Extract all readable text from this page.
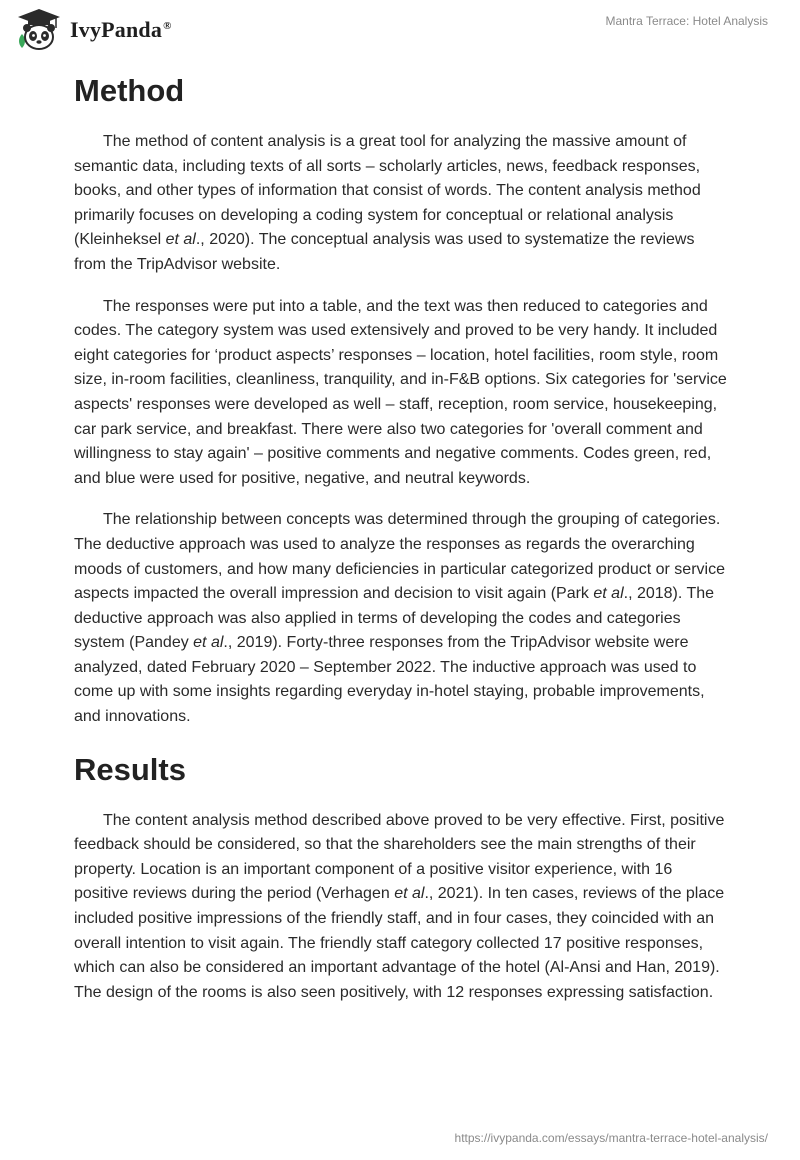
IvyPanda®	Mantra Terrace: Hotel Analysis
Method

The method of content analysis is a great tool for analyzing the massive amount of semantic data, including texts of all sorts – scholarly articles, news, feedback responses, books, and other types of information that consist of words. The content analysis method primarily focuses on developing a coding system for conceptual or relational analysis (Kleinheksel et al., 2020). The conceptual analysis was used to systematize the reviews from the TripAdvisor website.

The responses were put into a table, and the text was then reduced to categories and codes. The category system was used extensively and proved to be very handy. It included eight categories for ‘product aspects’ responses – location, hotel facilities, room style, room size, in-room facilities, cleanliness, tranquility, and in-F&B options. Six categories for 'service aspects' responses were developed as well – staff, reception, room service, housekeeping, car park service, and breakfast. There were also two categories for 'overall comment and willingness to stay again' – positive comments and negative comments. Codes green, red, and blue were used for positive, negative, and neutral keywords.

The relationship between concepts was determined through the grouping of categories. The deductive approach was used to analyze the responses as regards the overarching moods of customers, and how many deficiencies in particular categorized product or service aspects impacted the overall impression and decision to visit again (Park et al., 2018). The deductive approach was also applied in terms of developing the codes and categories system (Pandey et al., 2019). Forty-three responses from the TripAdvisor website were analyzed, dated February 2020 – September 2022. The inductive approach was used to come up with some insights regarding everyday in-hotel staying, probable improvements, and innovations.

Results

The content analysis method described above proved to be very effective. First, positive feedback should be considered, so that the shareholders see the main strengths of their property. Location is an important component of a positive visitor experience, with 16 positive reviews during the period (Verhagen et al., 2021). In ten cases, reviews of the place included positive impressions of the friendly staff, and in four cases, they coincided with an overall intention to visit again. The friendly staff category collected 17 positive responses, which can also be considered an important advantage of the hotel (Al-Ansi and Han, 2019). The design of the rooms is also seen positively, with 12 responses expressing satisfaction.

https://ivypanda.com/essays/mantra-terrace-hotel-analysis/
